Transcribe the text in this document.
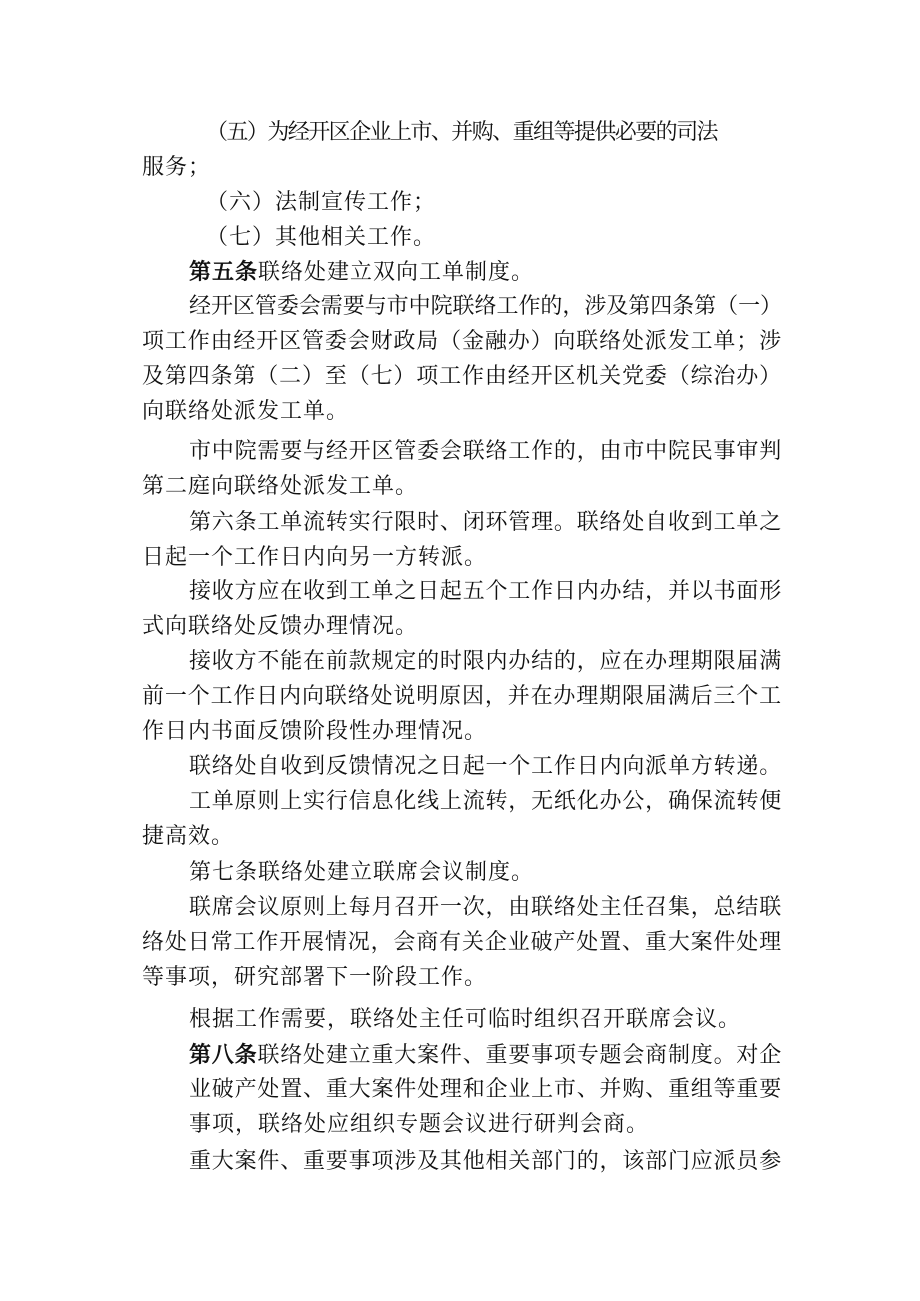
（五）为经开区企业上市、并购、重组等提供必要的司法

服务；

（六）法制宣传工作；

（七）其他相关工作。

第五条联络处建立双向工单制度。

经开区管委会需要与市中院联络工作的，涉及第四条第（一）

项工作由经开区管委会财政局（金融办）向联络处派发工单；涉

及第四条第（二）至（七）项工作由经开区机关党委（综治办）

向联络处派发工单。

市中院需要与经开区管委会联络工作的，由市中院民事审判

第二庭向联络处派发工单。

第六条工单流转实行限时、闭环管理。联络处自收到工单之

日起一个工作日内向另一方转派。

接收方应在收到工单之日起五个工作日内办结，并以书面形

式向联络处反馈办理情况。

接收方不能在前款规定的时限内办结的，应在办理期限届满

前一个工作日内向联络处说明原因，并在办理期限届满后三个工

作日内书面反馈阶段性办理情况。

联络处自收到反馈情况之日起一个工作日内向派单方转递。

工单原则上实行信息化线上流转，无纸化办公，确保流转便

捷高效。

第七条联络处建立联席会议制度。

联席会议原则上每月召开一次，由联络处主任召集，总结联

络处日常工作开展情况，会商有关企业破产处置、重大案件处理

等事项，研究部署下一阶段工作。

根据工作需要，联络处主任可临时组织召开联席会议。

第八条联络处建立重大案件、重要事项专题会商制度。对企

业破产处置、重大案件处理和企业上市、并购、重组等重要

事项，联络处应组织专题会议进行研判会商。

重大案件、重要事项涉及其他相关部门的，该部门应派员参
